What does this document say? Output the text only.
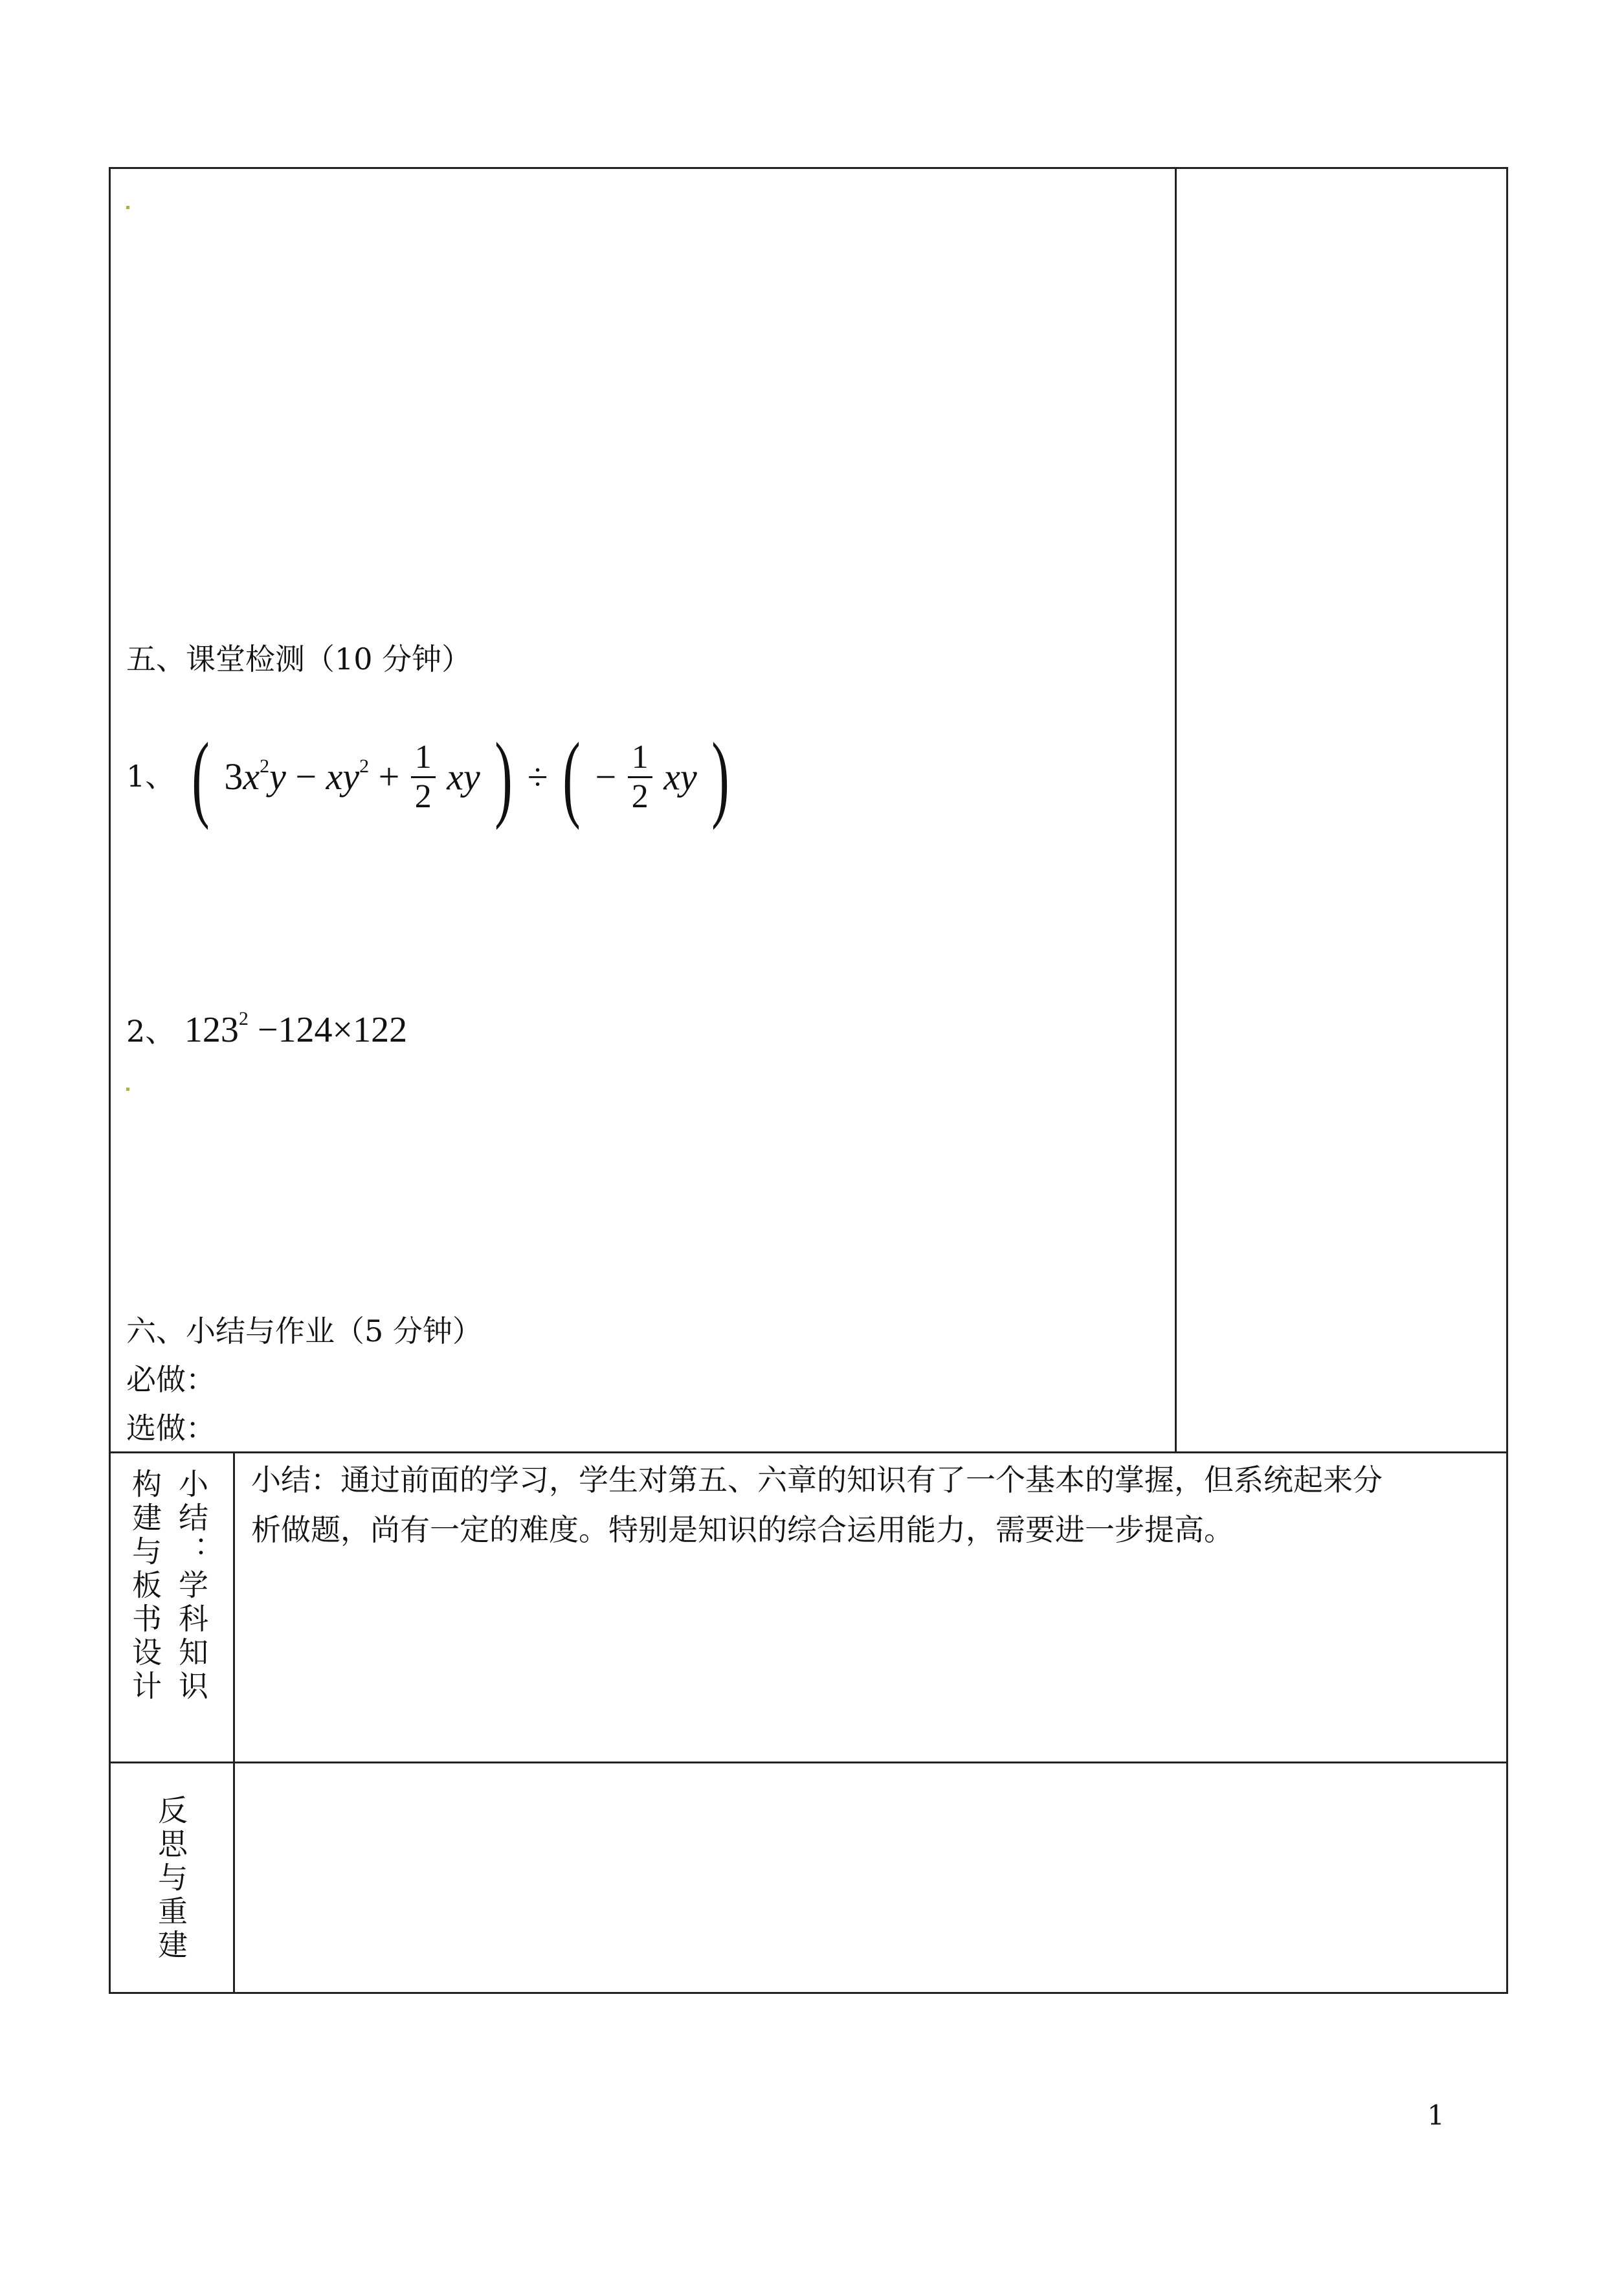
五、课堂检测（10 分钟）
1、 ( $3x^2y - xy^2 + \frac{1}{2}$ xy ) ÷ ( − $\frac{1}{2}$ xy )
2、 $123^2 -124\times 122$
六、小结与作业（5 分钟）
必做：
选做：
构建与板书设计 小结：学科知识 小结：通过前面的学习，学生对第五、六章的知识有了一个基本的掌握，但系统起来分
析做题，尚有一定的难度。特别是知识的综合运用能力，需要进一步提高。
反思与重建
1
